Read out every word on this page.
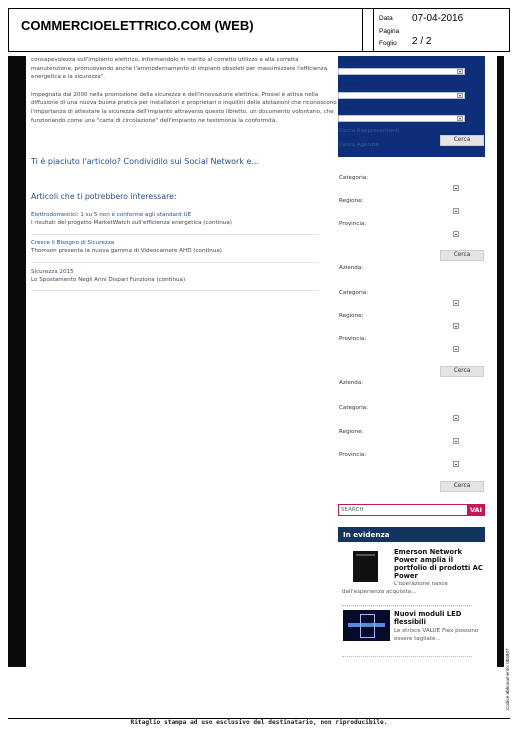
COMMERCIOELETTRICO.COM (WEB)	Data 07-04-2016
Pagina
Foglio 2 / 2

consapevolezza sull'impianto elettrico, informandolo in merito al corretto utilizzo e alla corretta manutenzione, promuovendo anche l'ammodernamento di impianti obsoleti per massimizzare l'efficienza energetica e la sicurezza".

Impegnata dal 2000 nella promozione della sicurezza e dell'innovazione elettrica, Prosiel è attiva nella diffusione di una nuova buona pratica per installatori e proprietari o inquilini delle abitazioni che riconoscono l'importanza di attestare la sicurezza dell'impianto attraverso questo libretto, un documento volontario, che funzionando come una "carta di circolazione" dell'impianto ne testimonia la conformità.

Ti è piaciuto l'articolo? Condividilo sui Social Network e...
Articoli che ti potrebbero interessare:
Elettrodomestici: 1 su 5 non è conforme agli standard UE
I risultati del progetto MarketWatch sull'efficienza energetica (continua)
Cresce il Bisogno di Sicurezza
Thomson presenta la nuova gamma di Videocamere AHD (continua)
Sicurezza 2015
Lo Spostamento Negli Anni Dispari Funziona (continua)
Categoria:
▾
Regione:
▾
Provincia:
▾
Cerca Rappresentanti
Cerca Agenzie
Cerca
Categoria:
Regione:
Provincia:
Cerca
Azienda:
Categoria:
Regione:
Provincia:
Cerca
Azienda:
Categoria:
Regione:
Provincia:
Cerca
SEARCH	VAI
In evidenza
Emerson Network Power amplia il portfolio di prodotti AC Power
L'operazione nasce
dall'esperienza acquisita...
Nuovi moduli LED flessibili
Le strisce VALUE Flex possono essere tagliate...
Codice abbonamento: 0b5807
Ritaglio stampa ad uso esclusivo del destinatario, non riproducibile.
